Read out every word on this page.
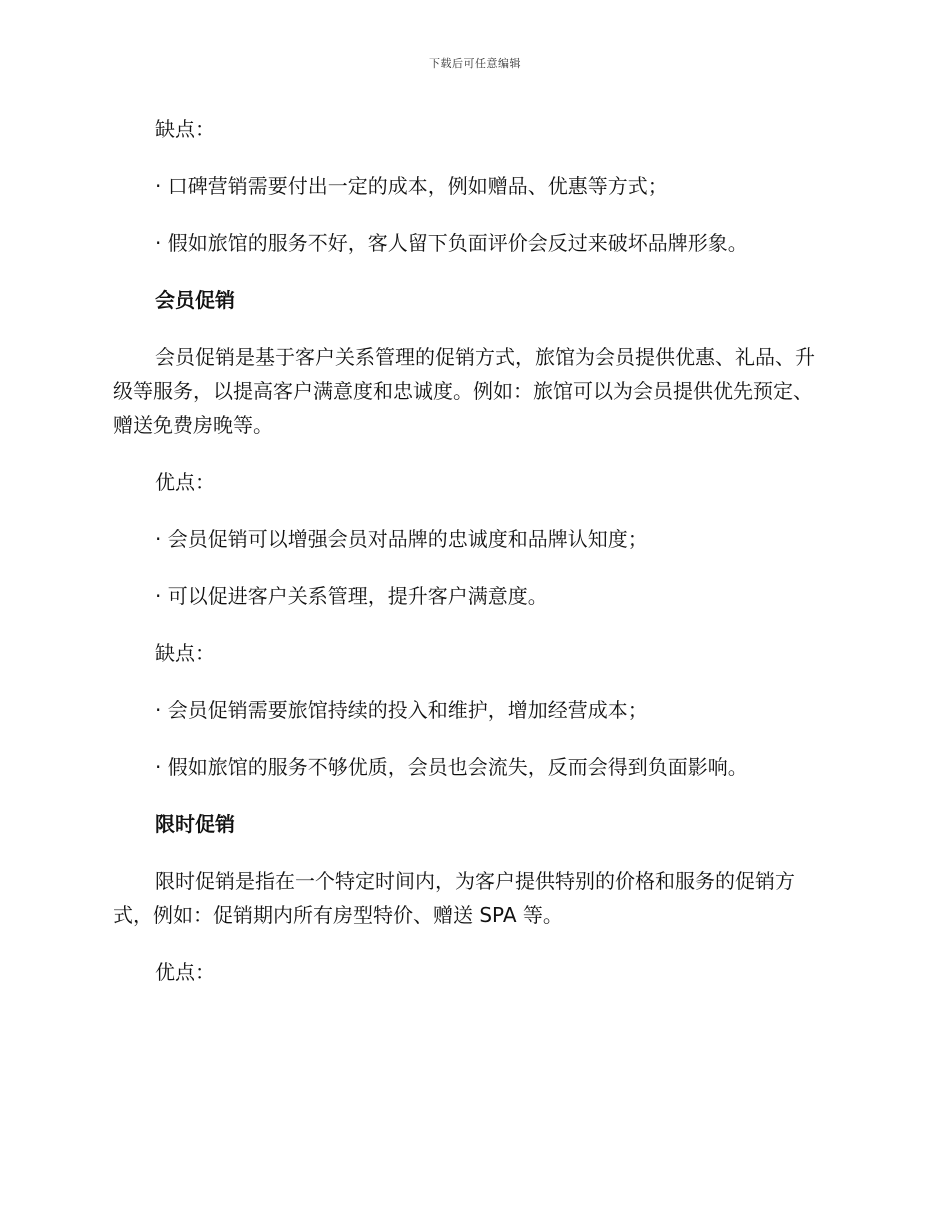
下载后可任意编辑

缺点：

· 口碑营销需要付出一定的成本，例如赠品、优惠等方式；

· 假如旅馆的服务不好，客人留下负面评价会反过来破坏品牌形象。

会员促销

会员促销是基于客户关系管理的促销方式，旅馆为会员提供优惠、礼品、升级等服务，以提高客户满意度和忠诚度。例如：旅馆可以为会员提供优先预定、赠送免费房晚等。

优点：

· 会员促销可以增强会员对品牌的忠诚度和品牌认知度；

· 可以促进客户关系管理，提升客户满意度。

缺点：

· 会员促销需要旅馆持续的投入和维护，增加经营成本；

· 假如旅馆的服务不够优质，会员也会流失，反而会得到负面影响。

限时促销

限时促销是指在一个特定时间内，为客户提供特别的价格和服务的促销方式，例如：促销期内所有房型特价、赠送 SPA 等。

优点：
